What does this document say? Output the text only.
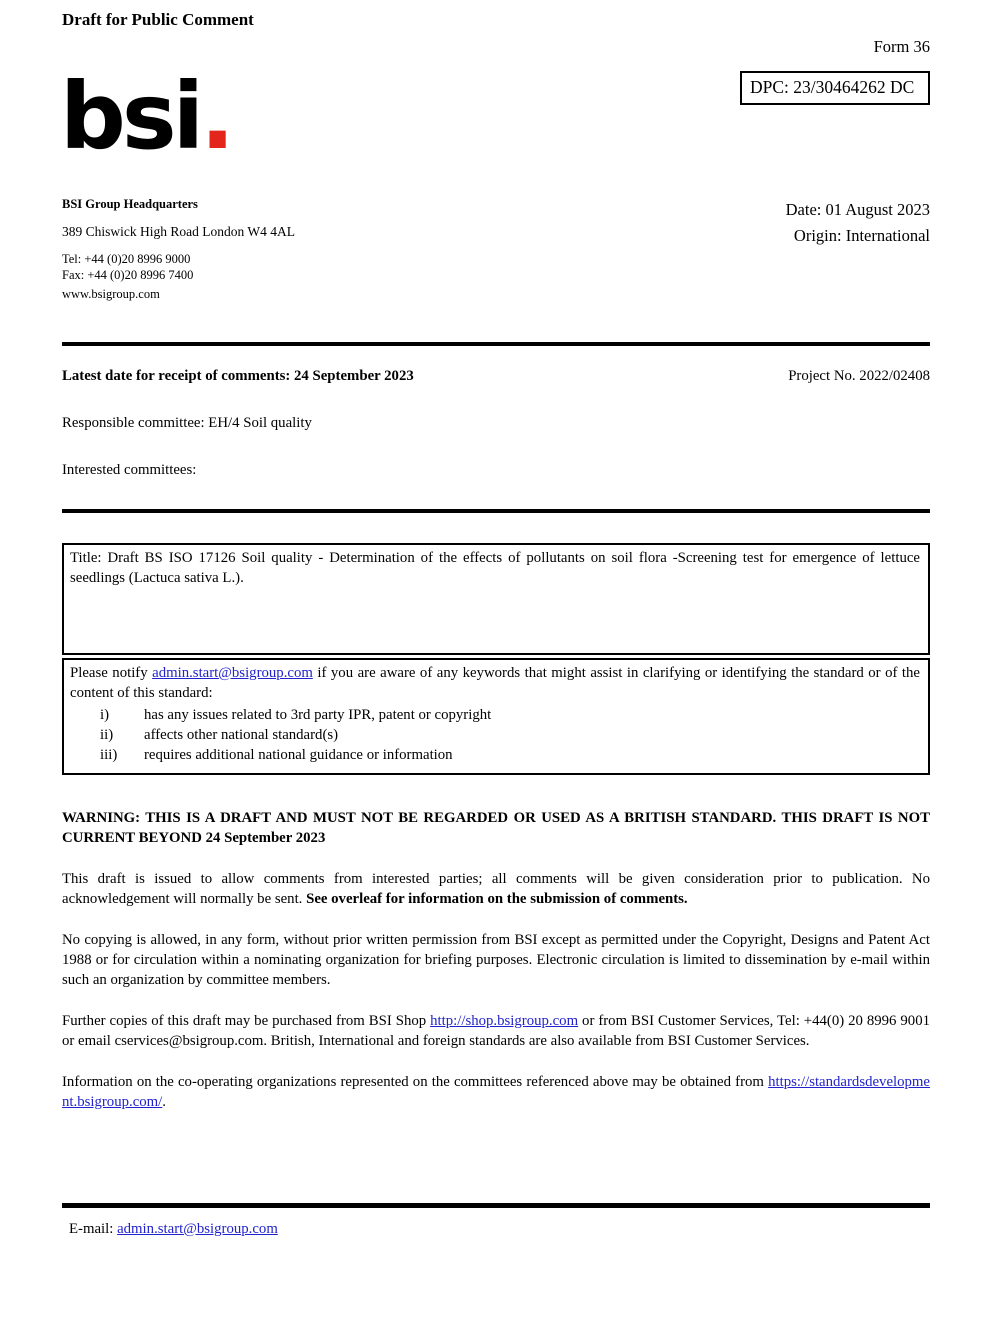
Draft for Public Comment
Form 36
bsi.	DPC: 23/30464262 DC
BSI Group Headquarters
389 Chiswick High Road London W4 4AL
Tel: +44 (0)20 8996 9000
Fax: +44 (0)20 8996 7400
www.bsigroup.com
Date: 01 August 2023
Origin: International
Latest date for receipt of comments: 24 September 2023	Project No. 2022/02408
Responsible committee: EH/4 Soil quality
Interested committees:
Title: Draft BS ISO 17126 Soil quality - Determination of the effects of pollutants on soil flora -Screening test for emergence of lettuce seedlings (Lactuca sativa L.).
Please notify admin.start@bsigroup.com if you are aware of any keywords that might assist in clarifying or identifying the standard or of the content of this standard:
i)	has any issues related to 3rd party IPR, patent or copyright
ii)	affects other national standard(s)
iii)	requires additional national guidance or information
WARNING: THIS IS A DRAFT AND MUST NOT BE REGARDED OR USED AS A BRITISH STANDARD. THIS DRAFT IS NOT CURRENT BEYOND 24 September 2023
This draft is issued to allow comments from interested parties; all comments will be given consideration prior to publication. No acknowledgement will normally be sent. See overleaf for information on the submission of comments.
No copying is allowed, in any form, without prior written permission from BSI except as permitted under the Copyright, Designs and Patent Act 1988 or for circulation within a nominating organization for briefing purposes. Electronic circulation is limited to dissemination by e-mail within such an organization by committee members.
Further copies of this draft may be purchased from BSI Shop http://shop.bsigroup.com or from BSI Customer Services, Tel: +44(0) 20 8996 9001 or email cservices@bsigroup.com. British, International and foreign standards are also available from BSI Customer Services.
Information on the co-operating organizations represented on the committees referenced above may be obtained from https://standardsdevelopment.bsigroup.com/.
E-mail: admin.start@bsigroup.com
